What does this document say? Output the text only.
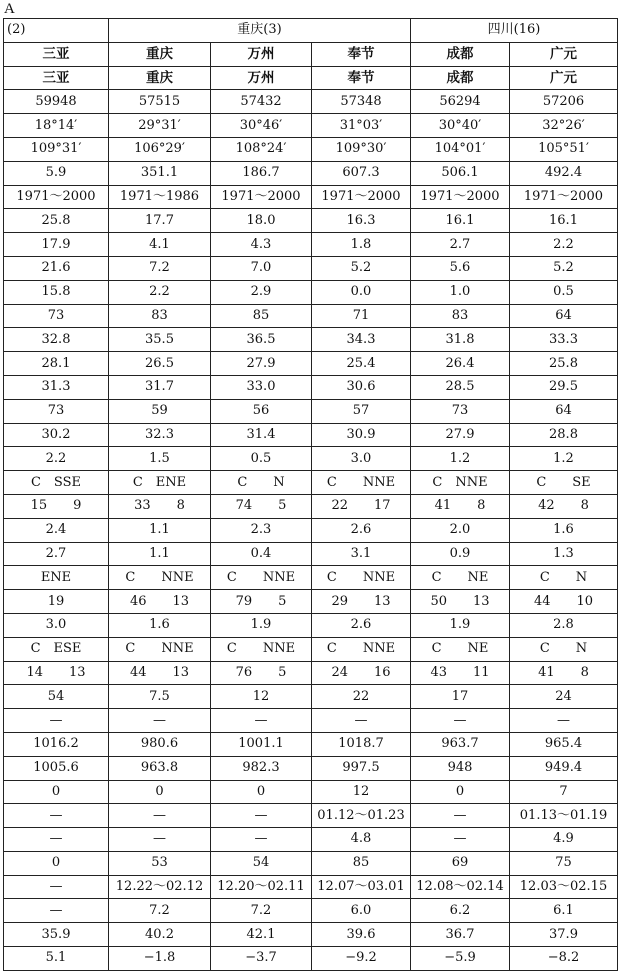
A
(2)	重庆(3)			四川(16)	
三亚	重庆	万州	奉节	成都	广元
三亚	重庆	万州	奉节	成都	广元
59948	57515	57432	57348	56294	57206
18°14′	29°31′	30°46′	31°03′	30°40′	32°26′
109°31′	106°29′	108°24′	109°30′	104°01′	105°51′
5.9	351.1	186.7	607.3	506.1	492.4
1971～2000	1971～1986	1971～2000	1971～2000	1971～2000	1971～2000
25.8	17.7	18.0	16.3	16.1	16.1
17.9	4.1	4.3	1.8	2.7	2.2
21.6	7.2	7.0	5.2	5.6	5.2
15.8	2.2	2.9	0.0	1.0	0.5
73	83	85	71	83	64
32.8	35.5	36.5	34.3	31.8	33.3
28.1	26.5	27.9	25.4	26.4	25.8
31.3	31.7	33.0	30.6	28.5	29.5
73	59	56	57	73	64
30.2	32.3	31.4	30.9	27.9	28.8
2.2	1.5	0.5	3.0	1.2	1.2
C　SSE	C　ENE	C　　N	C　　NNE	C　NNE	C　　SE
15　　9	33　　8	74　　5	22　　17	41　　8	42　　8
2.4	1.1	2.3	2.6	2.0	1.6
2.7	1.1	0.4	3.1	0.9	1.3
ENE	C　　NNE	C　　NNE	C　　NNE	C　　NE	C　　N
19	46　　13	79　　5	29　　13	50　　13	44　　10
3.0	1.6	1.9	2.6	1.9	2.8
C　ESE	C　　NNE	C　　NNE	C　　NNE	C　　NE	C　　N
14　　13	44　　13	76　　5	24　　16	43　　11	41　　8
54	7.5	12	22	17	24
—	—	—	—	—	—
1016.2	980.6	1001.1	1018.7	963.7	965.4
1005.6	963.8	982.3	997.5	948	949.4
0	0	0	12	0	7
—	—	—	01.12～01.23	—	01.13～01.19
—	—	—	4.8	—	4.9
0	53	54	85	69	75
—	12.22～02.12	12.20～02.11	12.07～03.01	12.08～02.14	12.03～02.15
—	7.2	7.2	6.0	6.2	6.1
35.9	40.2	42.1	39.6	36.7	37.9
5.1	−1.8	−3.7	−9.2	−5.9	−8.2
